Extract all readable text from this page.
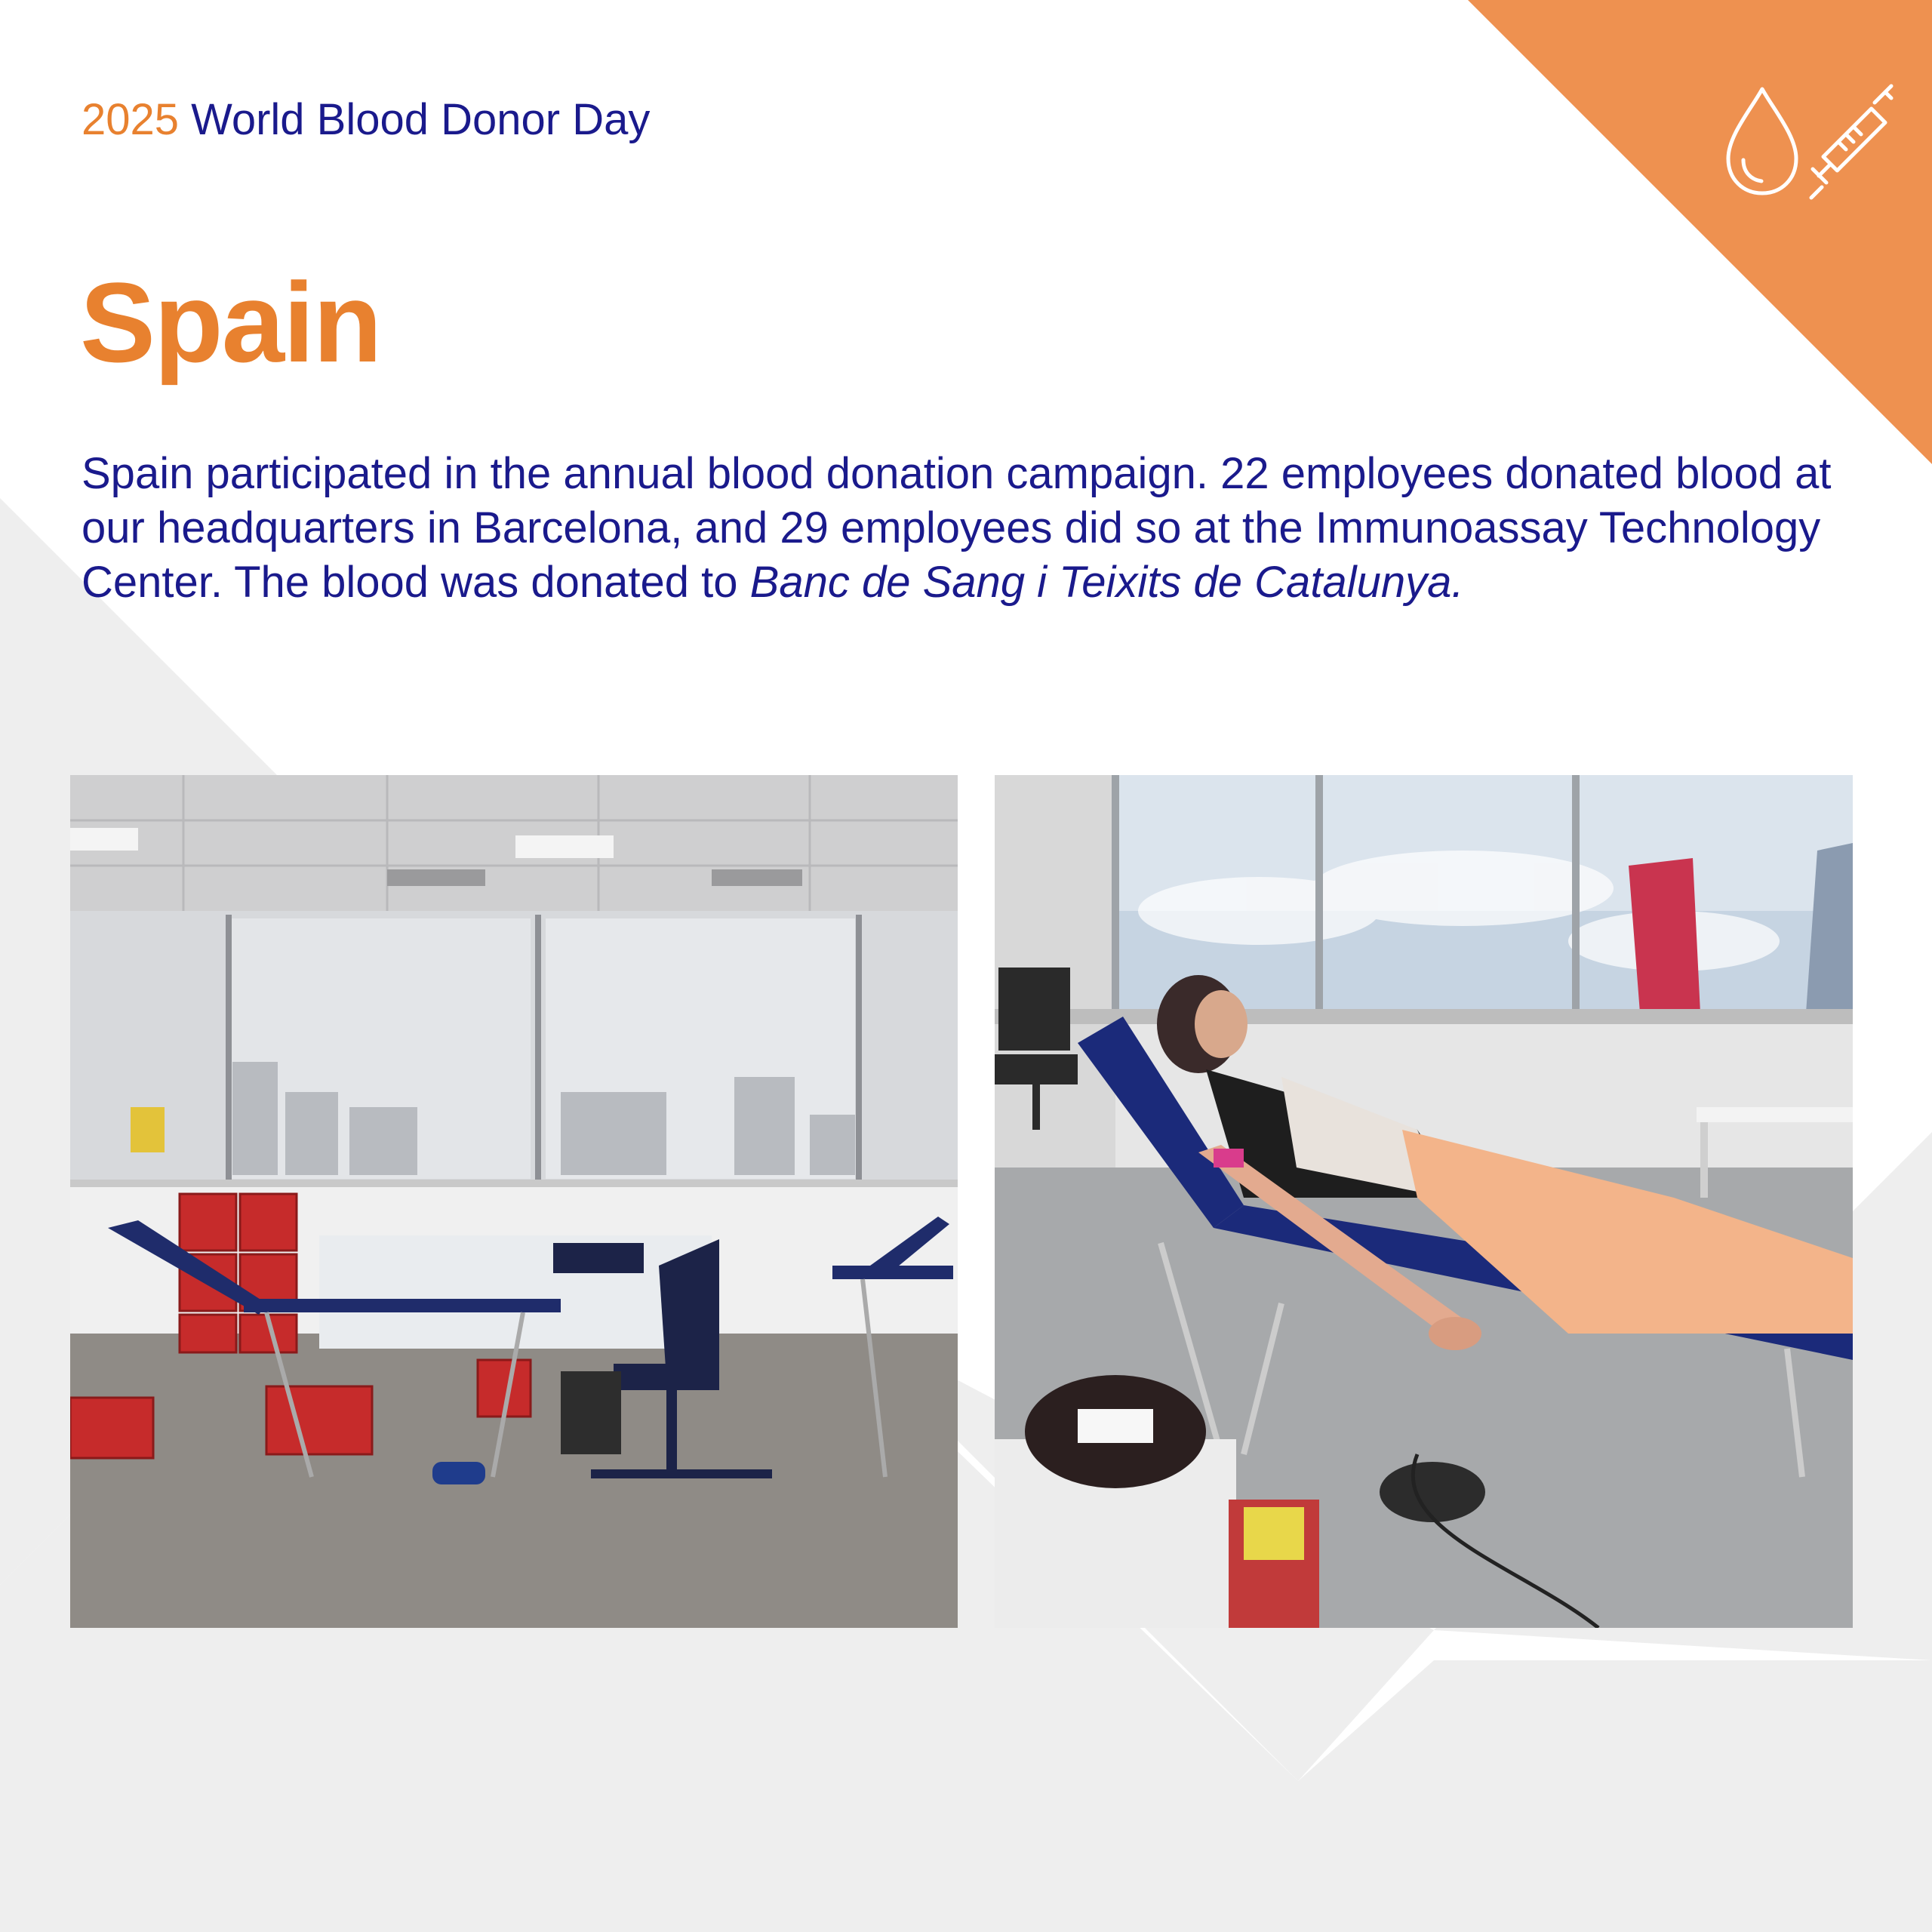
2025 World Blood Donor Day
Spain
Spain participated in the annual blood donation campaign. 22 employees donated blood at our headquarters in Barcelona, and 29 employees did so at the Immunoassay Technology Center. The blood was donated to Banc de Sang i Teixits de Catalunya.
